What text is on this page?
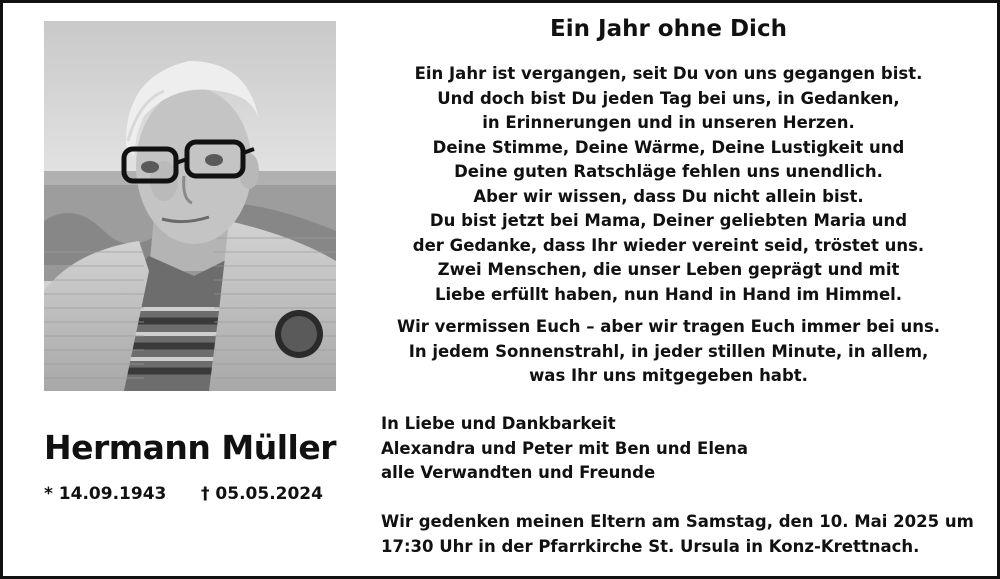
Hermann Müller
* 14.09.1943 † 05.05.2024
Ein Jahr ohne Dich
Ein Jahr ist vergangen, seit Du von uns gegangen bist.
Und doch bist Du jeden Tag bei uns, in Gedanken,
in Erinnerungen und in unseren Herzen.
Deine Stimme, Deine Wärme, Deine Lustigkeit und
Deine guten Ratschläge fehlen uns unendlich.
Aber wir wissen, dass Du nicht allein bist.
Du bist jetzt bei Mama, Deiner geliebten Maria und
der Gedanke, dass Ihr wieder vereint seid, tröstet uns.
Zwei Menschen, die unser Leben geprägt und mit
Liebe erfüllt haben, nun Hand in Hand im Himmel.
Wir vermissen Euch – aber wir tragen Euch immer bei uns.
In jedem Sonnenstrahl, in jeder stillen Minute, in allem,
was Ihr uns mitgegeben habt.
In Liebe und Dankbarkeit
Alexandra und Peter mit Ben und Elena
alle Verwandten und Freunde
Wir gedenken meinen Eltern am Samstag, den 10. Mai 2025 um
17:30 Uhr in der Pfarrkirche St. Ursula in Konz-Krettnach.
